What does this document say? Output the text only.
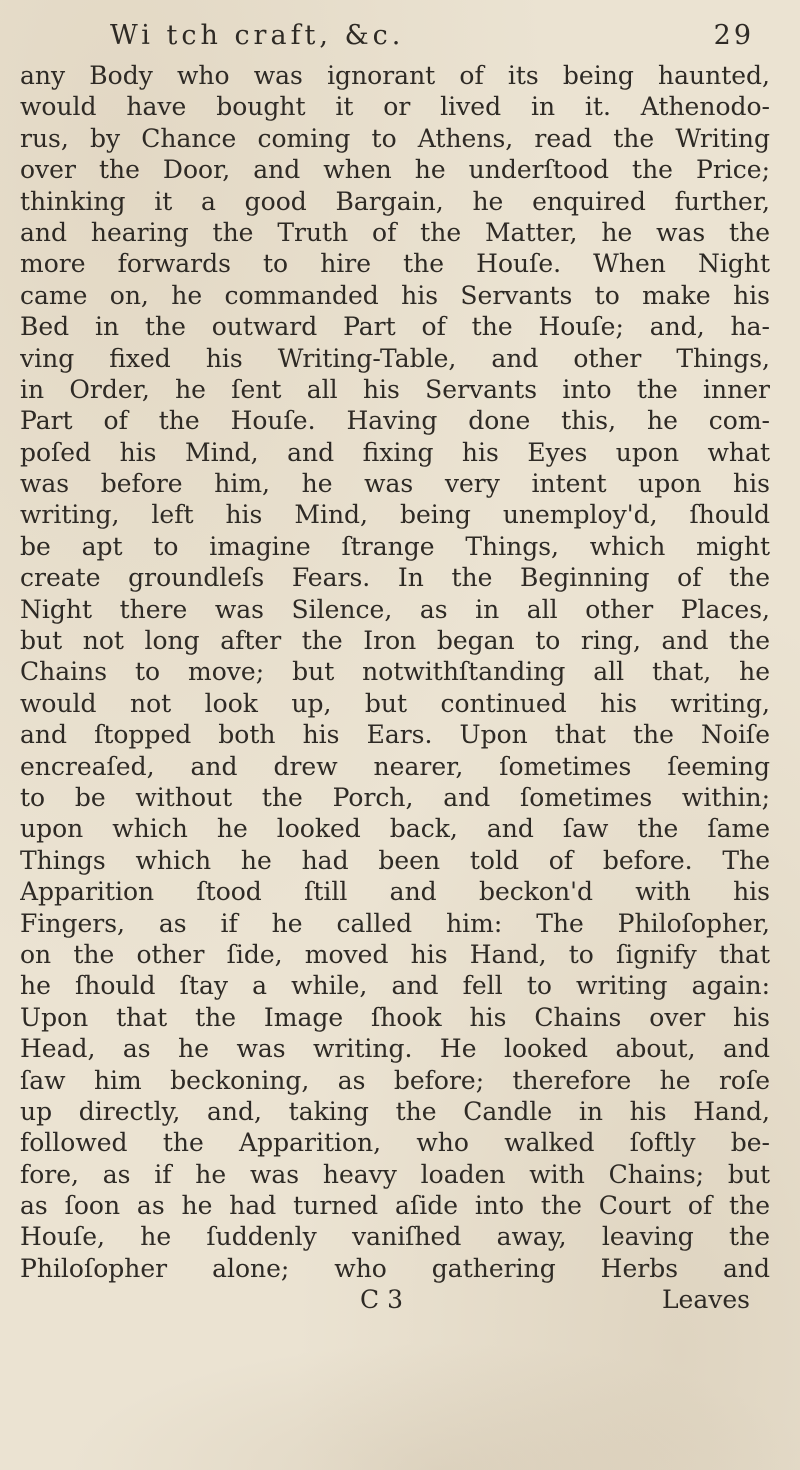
Wi tch craft, &c.	29
any Body who was ignorant of its being haunted,
would have bought it or lived in it. Athenodo-
rus, by Chance coming to Athens, read the Writing
over the Door, and when he underſtood the Price;
thinking it a good Bargain, he enquired further,
and hearing the Truth of the Matter, he was the
more forwards to hire the Houſe. When Night
came on, he commanded his Servants to make his
Bed in the outward Part of the Houſe; and, ha-
ving fixed his Writing-Table, and other Things,
in Order, he ſent all his Servants into the inner
Part of the Houſe. Having done this, he com-
poſed his Mind, and fixing his Eyes upon what
was before him, he was very intent upon his
writing, left his Mind, being unemploy'd, ſhould
be apt to imagine ſtrange Things, which might
create groundleſs Fears. In the Beginning of the
Night there was Silence, as in all other Places,
but not long after the Iron began to ring, and the
Chains to move; but notwithſtanding all that, he
would not look up, but continued his writing,
and ſtopped both his Ears. Upon that the Noiſe
encreaſed, and drew nearer, ſometimes ſeeming
to be without the Porch, and ſometimes within;
upon which he looked back, and ſaw the ſame
Things which he had been told of before. The
Apparition ſtood ſtill and beckon'd with his
Fingers, as if he called him: The Philoſopher,
on the other ſide, moved his Hand, to ſignify that
he ſhould ſtay a while, and fell to writing again:
Upon that the Image ſhook his Chains over his
Head, as he was writing. He looked about, and
ſaw him beckoning, as before; therefore he roſe
up directly, and, taking the Candle in his Hand,
followed the Apparition, who walked ſoftly be-
fore, as if he was heavy loaden with Chains; but
as ſoon as he had turned aſide into the Court of the
Houſe, he ſuddenly vaniſhed away, leaving the
Philoſopher alone; who gathering Herbs and
C 3	Leaves
